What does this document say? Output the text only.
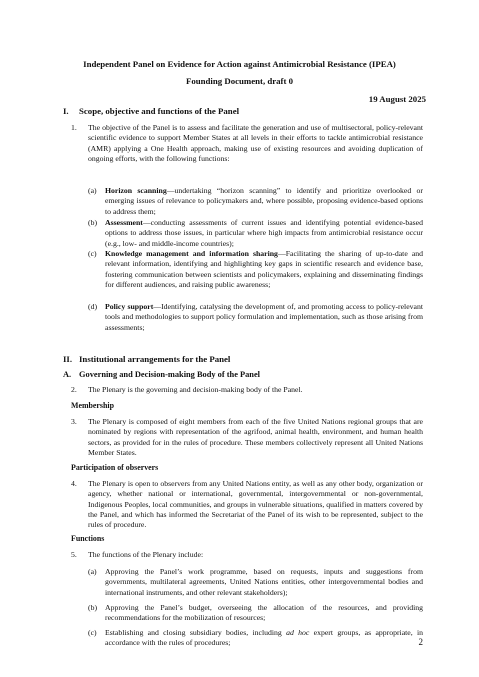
Independent Panel on Evidence for Action against Antimicrobial Resistance (IPEA)
Founding Document, draft 0
19 August 2025
I. Scope, objective and functions of the Panel
1. The objective of the Panel is to assess and facilitate the generation and use of multisectoral, policy-relevant scientific evidence to support Member States at all levels in their efforts to tackle antimicrobial resistance (AMR) applying a One Health approach, making use of existing resources and avoiding duplication of ongoing efforts, with the following functions:
(a) Horizon scanning—undertaking “horizon scanning” to identify and prioritize overlooked or emerging issues of relevance to policymakers and, where possible, proposing evidence-based options to address them;
(b) Assessment—conducting assessments of current issues and identifying potential evidence-based options to address those issues, in particular where high impacts from antimicrobial resistance occur (e.g., low- and middle-income countries);
(c) Knowledge management and information sharing—Facilitating the sharing of up-to-date and relevant information, identifying and highlighting key gaps in scientific research and evidence base, fostering communication between scientists and policymakers, explaining and disseminating findings for different audiences, and raising public awareness;
(d) Policy support—Identifying, catalysing the development of, and promoting access to policy-relevant tools and methodologies to support policy formulation and implementation, such as those arising from assessments;
II. Institutional arrangements for the Panel
A. Governing and Decision-making Body of the Panel
2. The Plenary is the governing and decision-making body of the Panel.
Membership
3. The Plenary is composed of eight members from each of the five United Nations regional groups that are nominated by regions with representation of the agrifood, animal health, environment, and human health sectors, as provided for in the rules of procedure. These members collectively represent all United Nations Member States.
Participation of observers
4. The Plenary is open to observers from any United Nations entity, as well as any other body, organization or agency, whether national or international, governmental, intergovernmental or non-governmental, Indigenous Peoples, local communities, and groups in vulnerable situations, qualified in matters covered by the Panel, and which has informed the Secretariat of the Panel of its wish to be represented, subject to the rules of procedure.
Functions
5. The functions of the Plenary include:
(a) Approving the Panel’s work programme, based on requests, inputs and suggestions from governments, multilateral agreements, United Nations entities, other intergovernmental bodies and international instruments, and other relevant stakeholders);
(b) Approving the Panel’s budget, overseeing the allocation of the resources, and providing recommendations for the mobilization of resources;
(c) Establishing and closing subsidiary bodies, including ad hoc expert groups, as appropriate, in accordance with the rules of procedures;	2
